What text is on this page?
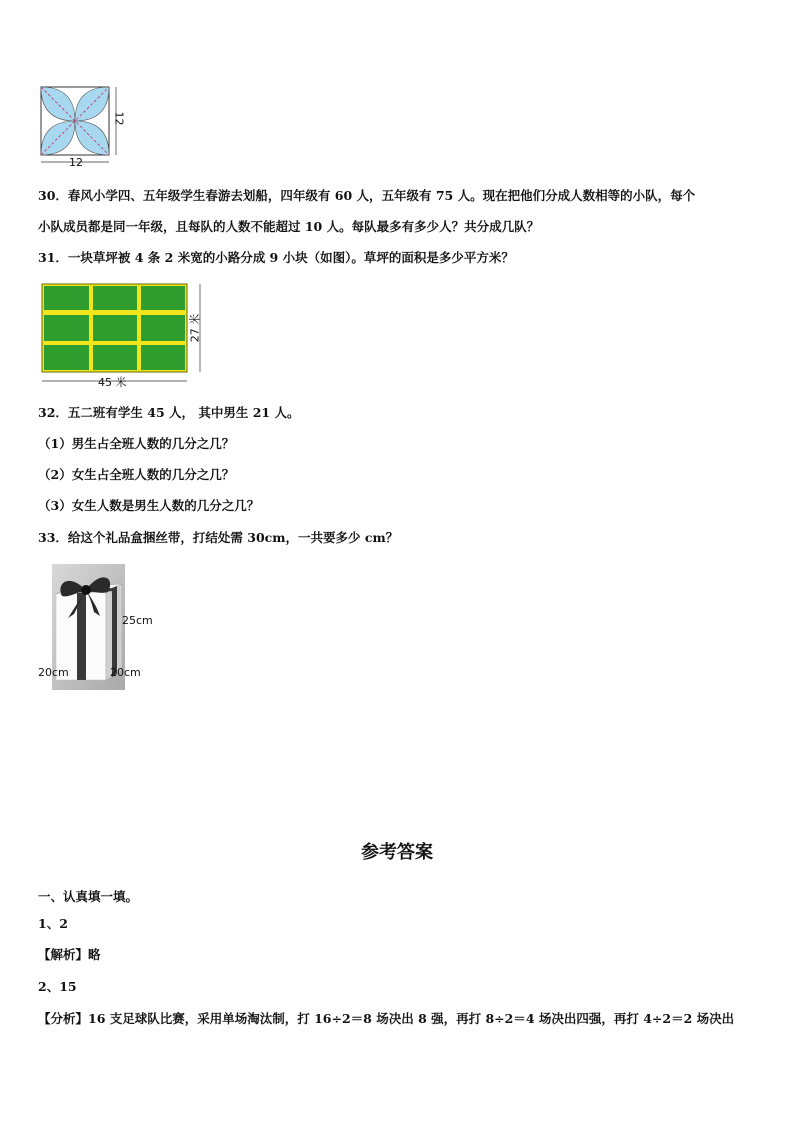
12
12
30．春风小学四、五年级学生春游去划船，四年级有 60 人，五年级有 75 人。现在把他们分成人数相等的小队，每个
小队成员都是同一年级，且每队的人数不能超过 10 人。每队最多有多少人？共分成几队？
31．一块草坪被 4 条 2 米宽的小路分成 9 小块（如图）。草坪的面积是多少平方米？
27 米
45 米
32．五二班有学生 45 人， 其中男生 21 人。
（1）男生占全班人数的几分之几？
（2）女生占全班人数的几分之几？
（3）女生人数是男生人数的几分之几？
33．给这个礼品盒捆丝带，打结处需 30cm，一共要多少 cm？
25cm
20cm	20cm
参考答案
一、认真填一填。
1、2
【解析】略
2、15
【分析】16 支足球队比赛，采用单场淘汰制，打 16÷2＝8 场决出 8 强，再打 8÷2＝4 场决出四强，再打 4÷2＝2 场决出
